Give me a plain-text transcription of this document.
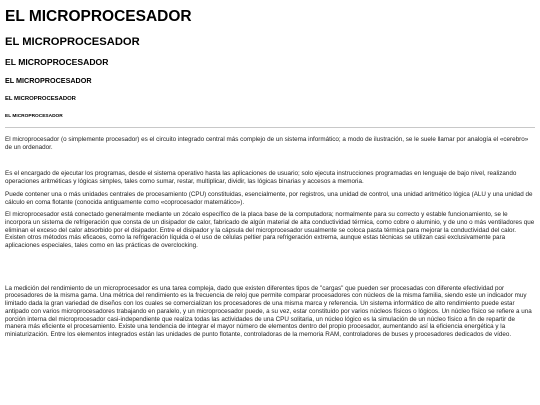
EL MICROPROCESADOR
EL MICROPROCESADOR
EL MICROPROCESADOR
EL MICROPROCESADOR
EL MICROPROCESADOR
EL MICROPROCESADOR

El microprocesador (o simplemente procesador) es el circuito integrado central más complejo de un sistema informático; a modo de ilustración, se le suele llamar por analogía el «cerebro» de un ordenador.

Es el encargado de ejecutar los programas, desde el sistema operativo hasta las aplicaciones de usuario; solo ejecuta instrucciones programadas en lenguaje de bajo nivel, realizando operaciones aritméticas y lógicas simples, tales como sumar, restar, multiplicar, dividir, las lógicas binarias y accesos a memoria.

Puede contener una o más unidades centrales de procesamiento (CPU) constituidas, esencialmente, por registros, una unidad de control, una unidad aritmético lógica (ALU y una unidad de cálculo en coma flotante (conocida antiguamente como «coprocesador matemático»).

El microprocesador está conectado generalmente mediante un zócalo específico de la placa base de la computadora; normalmente para su correcto y estable funcionamiento, se le incorpora un sistema de refrigeración que consta de un disipador de calor, fabricado de algún material de alta conductividad térmica, como cobre o aluminio, y de uno o más ventiladores que eliminan el exceso del calor absorbido por el disipador. Entre el disipador y la cápsula del microprocesador usualmente se coloca pasta térmica para mejorar la conductividad del calor. Existen otros métodos más eficaces, como la refrigeración líquida o el uso de células peltier para refrigeración extrema, aunque estas técnicas se utilizan casi exclusivamente para aplicaciones especiales, tales como en las prácticas de overclocking.

La medición del rendimiento de un microprocesador es una tarea compleja, dado que existen diferentes tipos de "cargas" que pueden ser procesadas con diferente efectividad por procesadores de la misma gama. Una métrica del rendimiento es la frecuencia de reloj que permite comparar procesadores con núcleos de la misma familia, siendo este un indicador muy limitado dada la gran variedad de diseños con los cuales se comercializan los procesadores de una misma marca y referencia. Un sistema informático de alto rendimiento puede estar antipado con varios microprocesadores trabajando en paralelo, y un microprocesador puede, a su vez, estar constituido por varios núcleos físicos o lógicos. Un núcleo físico se refiere a una porción interna del microprocesador casi-independiente que realiza todas las actividades de una CPU solitaria, un núcleo lógico es la simulación de un núcleo físico a fin de repartir de manera más eficiente el procesamiento. Existe una tendencia de integrar el mayor número de elementos dentro del propio procesador, aumentando así la eficiencia energética y la miniaturización. Entre los elementos integrados están las unidades de punto flotante, controladoras de la memoria RAM, controladores de buses y procesadores dedicados de vídeo.
